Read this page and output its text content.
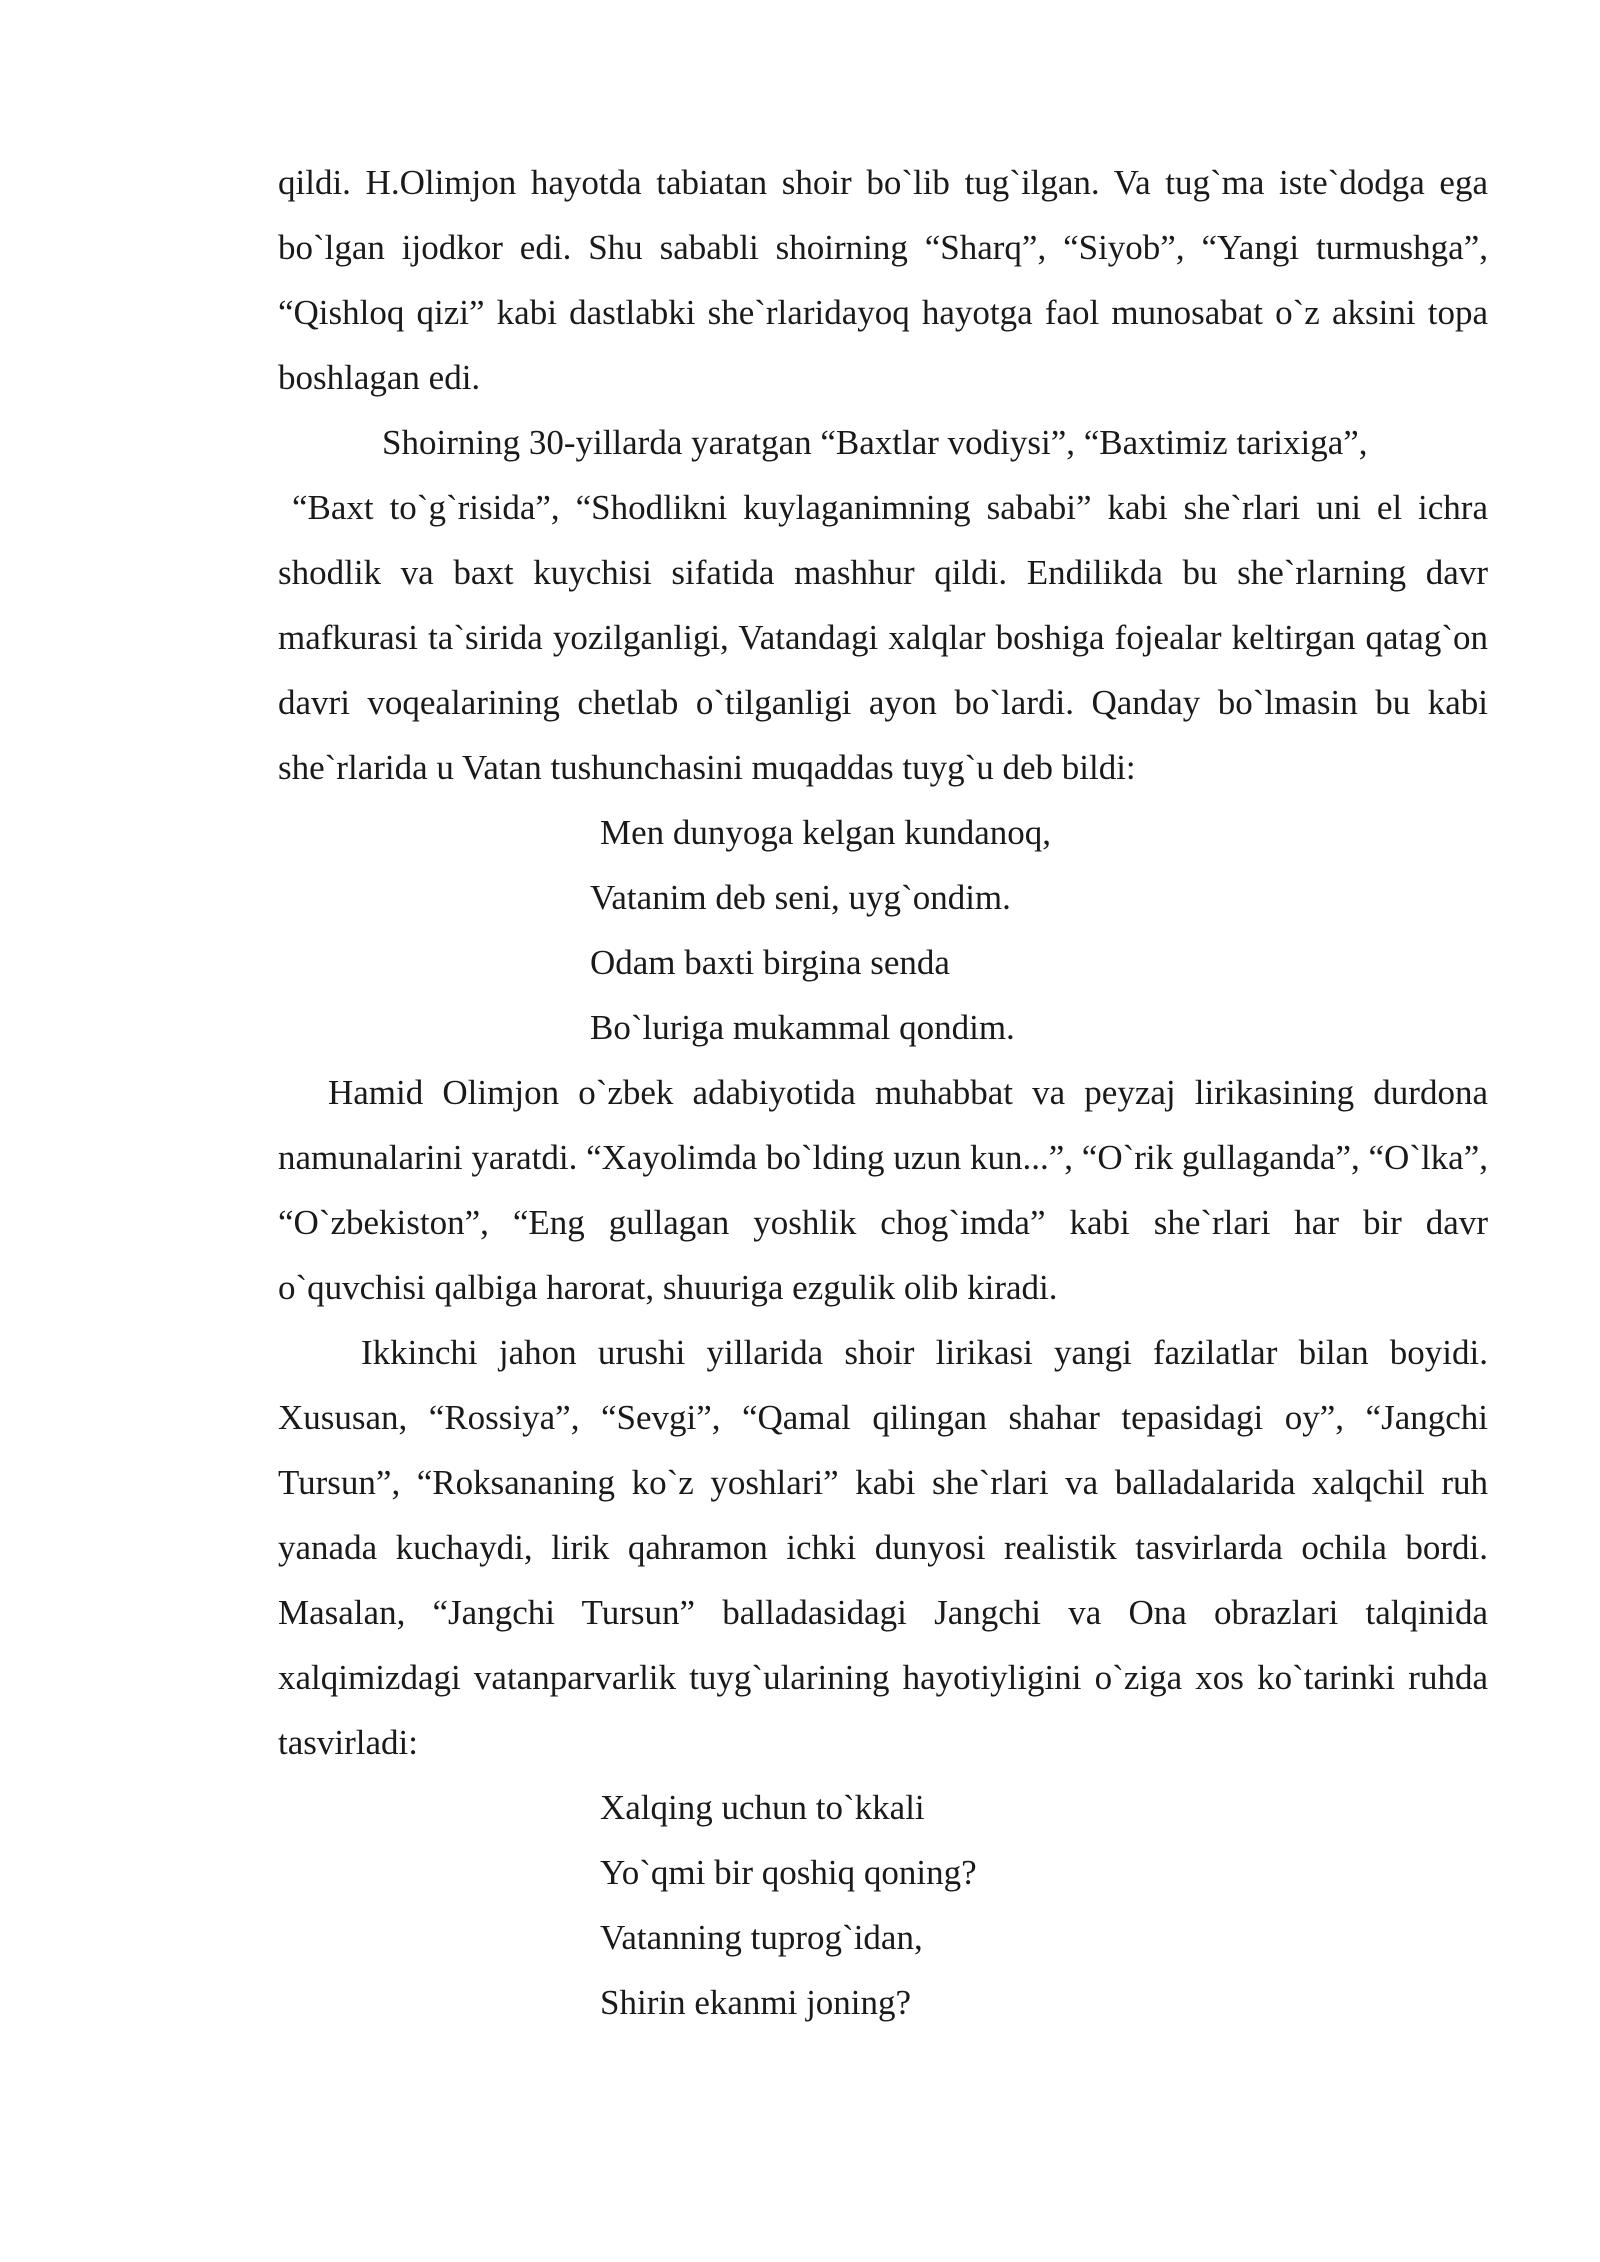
qildi. H.Olimjon hayotda tabiatan shoir bo`lib tug`ilgan. Va tug`ma iste`dodga ega bo`lgan ijodkor edi. Shu sababli shoirning “Sharq”, “Siyob”, “Yangi turmushga”, “Qishloq qizi” kabi dastlabki she`rlaridayoq hayotga faol munosabat o`z aksini topa boshlagan edi.

Shoirning 30-yillarda yaratgan “Baxtlar vodiysi”, “Baxtimiz tarixiga”,

“Baxt to`g`risida”, “Shodlikni kuylaganimning sababi” kabi she`rlari uni el ichra shodlik va baxt kuychisi sifatida mashhur qildi. Endilikda bu she`rlarning davr mafkurasi ta`sirida yozilganligi, Vatandagi xalqlar boshiga fojealar keltirgan qatag`on davri voqealarining chetlab o`tilganligi ayon bo`lardi. Qanday bo`lmasin bu kabi she`rlarida u Vatan tushunchasini muqaddas tuyg`u deb bildi:

Men dunyoga kelgan kundanoq,
Vatanim deb seni, uyg`ondim.
Odam baxti birgina senda
Bo`luriga mukammal qondim.

Hamid Olimjon o`zbek adabiyotida muhabbat va peyzaj lirikasining durdona namunalarini yaratdi. “Xayolimda bo`lding uzun kun...”, “O`rik gullaganda”, “O`lka”, “O`zbekiston”, “Eng gullagan yoshlik chog`imda” kabi she`rlari har bir davr o`quvchisi qalbiga harorat, shuuriga ezgulik olib kiradi.

Ikkinchi jahon urushi yillarida shoir lirikasi yangi fazilatlar bilan boyidi. Xususan, “Rossiya”, “Sevgi”, “Qamal qilingan shahar tepasidagi oy”, “Jangchi Tursun”, “Roksananing ko`z yoshlari” kabi she`rlari va balladalarida xalqchil ruh yanada kuchaydi, lirik qahramon ichki dunyosi realistik tasvirlarda ochila bordi. Masalan, “Jangchi Tursun” balladasidagi Jangchi va Ona obrazlari talqinida xalqimizdagi vatanparvarlik tuyg`ularining hayotiyligini o`ziga xos ko`tarinki ruhda tasvirladi:

Xalqing uchun to`kkali
Yo`qmi bir qoshiq qoning?
Vatanning tuprog`idan,
Shirin ekanmi joning?
